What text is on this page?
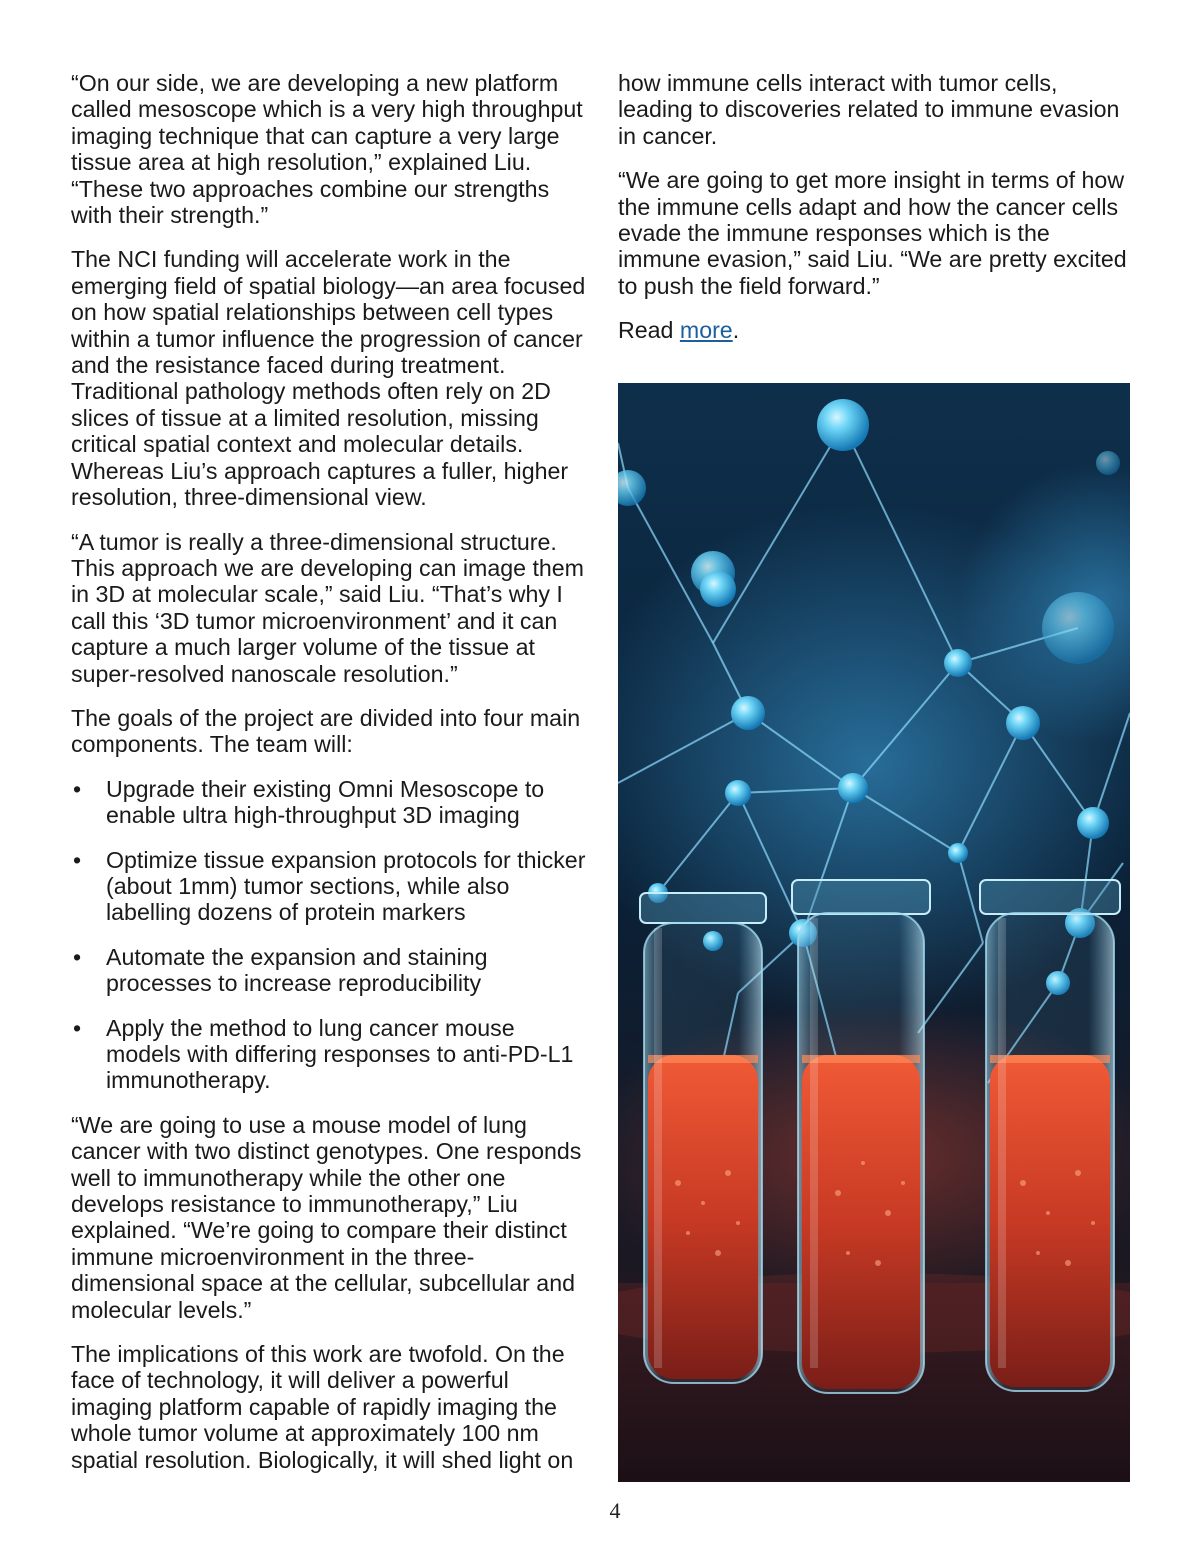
“On our side, we are developing a new platform called mesoscope which is a very high throughput imaging technique that can capture a very large tissue area at high resolution,” explained Liu. “These two approaches combine our strengths with their strength.”

The NCI funding will accelerate work in the emerging field of spatial biology—an area focused on how spatial relationships between cell types within a tumor influence the progression of cancer and the resistance faced during treatment. Traditional pathology methods often rely on 2D slices of tissue at a limited resolution, missing critical spatial context and molecular details. Whereas Liu’s approach captures a fuller, higher resolution, three-dimensional view.

“A tumor is really a three-dimensional structure. This approach we are developing can image them in 3D at molecular scale,” said Liu. “That’s why I call this ‘3D tumor microenvironment’ and it can capture a much larger volume of the tissue at super-resolved nanoscale resolution.”

The goals of the project are divided into four main components. The team will:

• Upgrade their existing Omni Mesoscope to enable ultra high-throughput 3D imaging
• Optimize tissue expansion protocols for thicker (about 1mm) tumor sections, while also labelling dozens of protein markers
• Automate the expansion and staining processes to increase reproducibility
• Apply the method to lung cancer mouse models with differing responses to anti-PD-L1 immunotherapy.

“We are going to use a mouse model of lung cancer with two distinct genotypes. One responds well to immunotherapy while the other one develops resistance to immunotherapy,” Liu explained. “We’re going to compare their distinct immune microenvironment in the three-dimensional space at the cellular, subcellular and molecular levels.”

The implications of this work are twofold. On the face of technology, it will deliver a powerful imaging platform capable of rapidly imaging the whole tumor volume at approximately 100 nm spatial resolution. Biologically, it will shed light on

how immune cells interact with tumor cells, leading to discoveries related to immune evasion in cancer.

“We are going to get more insight in terms of how the immune cells adapt and how the cancer cells evade the immune responses which is the immune evasion,” said Liu. “We are pretty excited to push the field forward.”

Read more.

4
